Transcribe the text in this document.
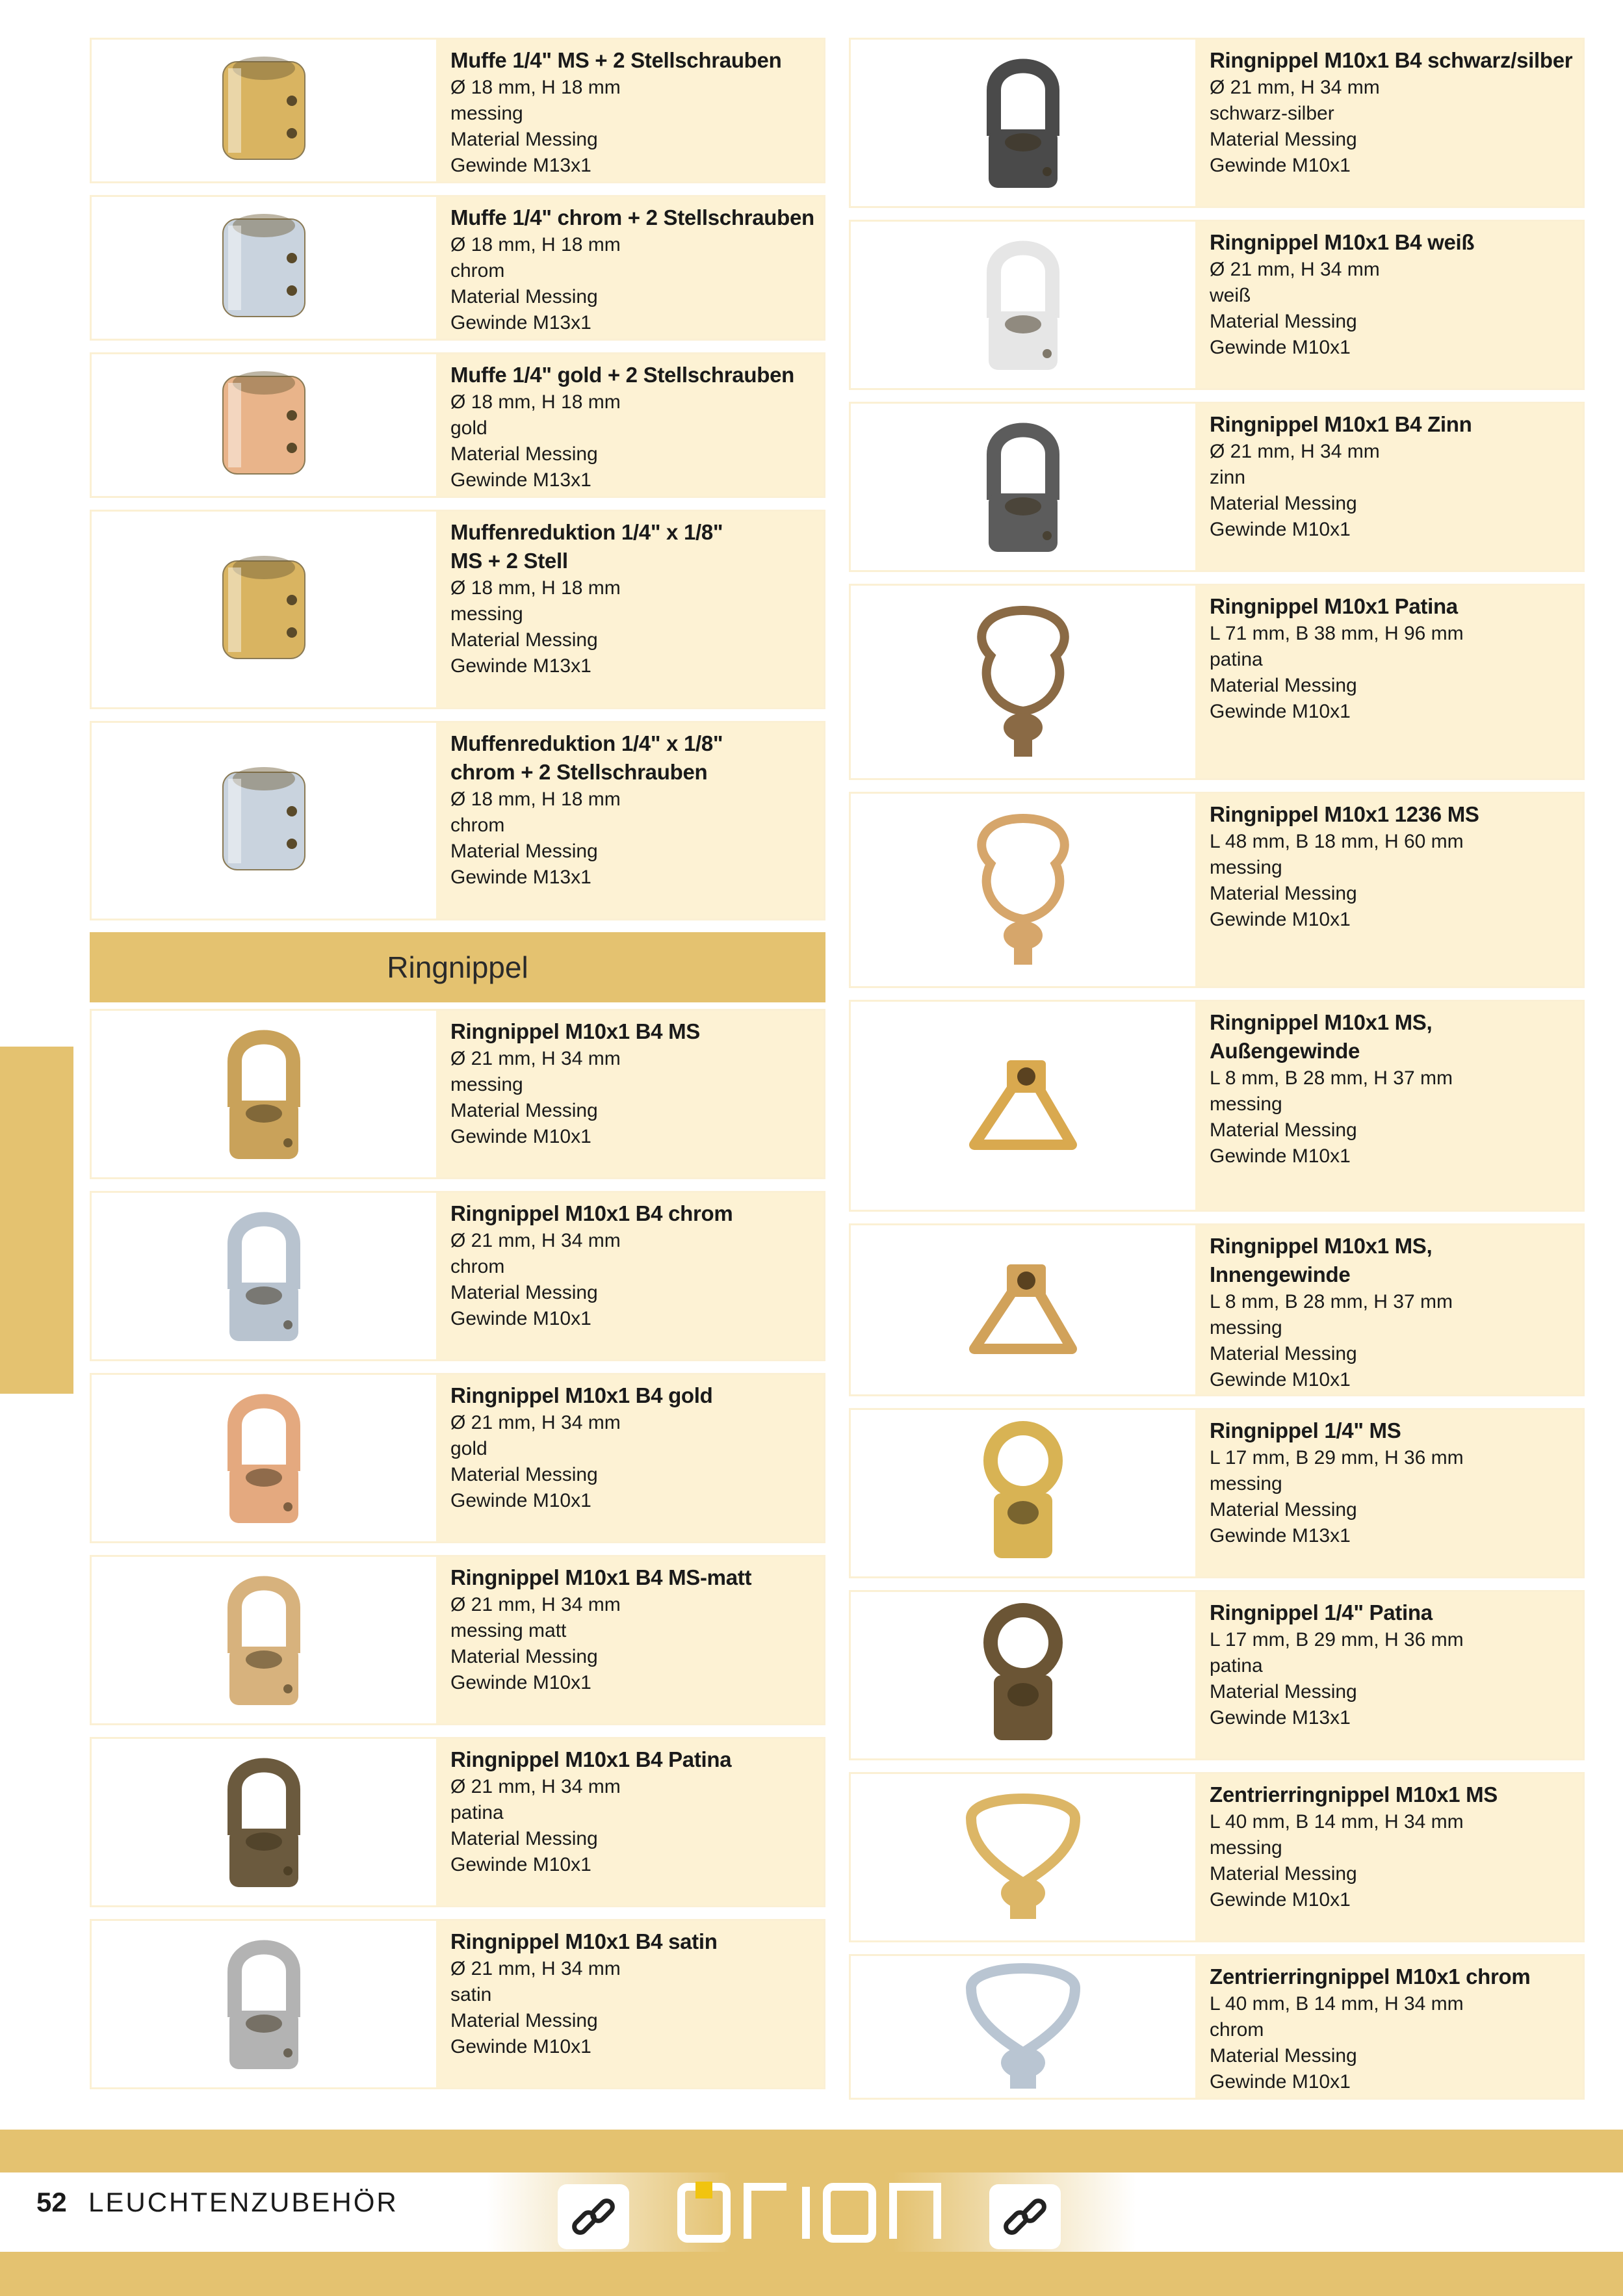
Muffe 1/4" MS + 2 Stellschrauben
Ø 18 mm, H 18 mm
messing
Material Messing
Gewinde M13x1
Muffe 1/4" chrom + 2 Stellschrauben
Ø 18 mm, H 18 mm
chrom
Material Messing
Gewinde M13x1
Muffe 1/4" gold + 2 Stellschrauben
Ø 18 mm, H 18 mm
gold
Material Messing
Gewinde M13x1
Muffenreduktion 1/4" x 1/8"
MS + 2 Stell
Ø 18 mm, H 18 mm
messing
Material Messing
Gewinde M13x1
Muffenreduktion 1/4" x 1/8"
chrom + 2 Stellschrauben
Ø 18 mm, H 18 mm
chrom
Material Messing
Gewinde M13x1
Ringnippel
Ringnippel M10x1 B4 MS
Ø 21 mm, H 34 mm
messing
Material Messing
Gewinde M10x1
Ringnippel M10x1 B4 chrom
Ø 21 mm, H 34 mm
chrom
Material Messing
Gewinde M10x1
Ringnippel M10x1 B4 gold
Ø 21 mm, H 34 mm
gold
Material Messing
Gewinde M10x1
Ringnippel M10x1 B4 MS-matt
Ø 21 mm, H 34 mm
messing matt
Material Messing
Gewinde M10x1
Ringnippel M10x1 B4 Patina
Ø 21 mm, H 34 mm
patina
Material Messing
Gewinde M10x1
Ringnippel M10x1 B4 satin
Ø 21 mm, H 34 mm
satin
Material Messing
Gewinde M10x1
Ringnippel M10x1 B4 schwarz/silber
Ø 21 mm, H 34 mm
schwarz-silber
Material Messing
Gewinde M10x1
Ringnippel M10x1 B4 weiß
Ø 21 mm, H 34 mm
weiß
Material Messing
Gewinde M10x1
Ringnippel M10x1 B4 Zinn
Ø 21 mm, H 34 mm
zinn
Material Messing
Gewinde M10x1
Ringnippel M10x1 Patina
L 71 mm, B 38 mm, H 96 mm
patina
Material Messing
Gewinde M10x1
Ringnippel M10x1 1236 MS
L 48 mm, B 18 mm, H 60 mm
messing
Material Messing
Gewinde M10x1
Ringnippel M10x1 MS,
Außengewinde
L 8 mm, B 28 mm, H 37 mm
messing
Material Messing
Gewinde M10x1
Ringnippel M10x1 MS,
Innengewinde
L 8 mm, B 28 mm, H 37 mm
messing
Material Messing
Gewinde M10x1
Ringnippel 1/4" MS
L 17 mm, B 29 mm, H 36 mm
messing
Material Messing
Gewinde M13x1
Ringnippel 1/4" Patina
L 17 mm, B 29 mm, H 36 mm
patina
Material Messing
Gewinde M13x1
Zentrierringnippel M10x1 MS
L 40 mm, B 14 mm, H 34 mm
messing
Material Messing
Gewinde M10x1
Zentrierringnippel M10x1 chrom
L 40 mm, B 14 mm, H 34 mm
chrom
Material Messing
Gewinde M10x1
52 LEUCHTENZUBEHÖR
